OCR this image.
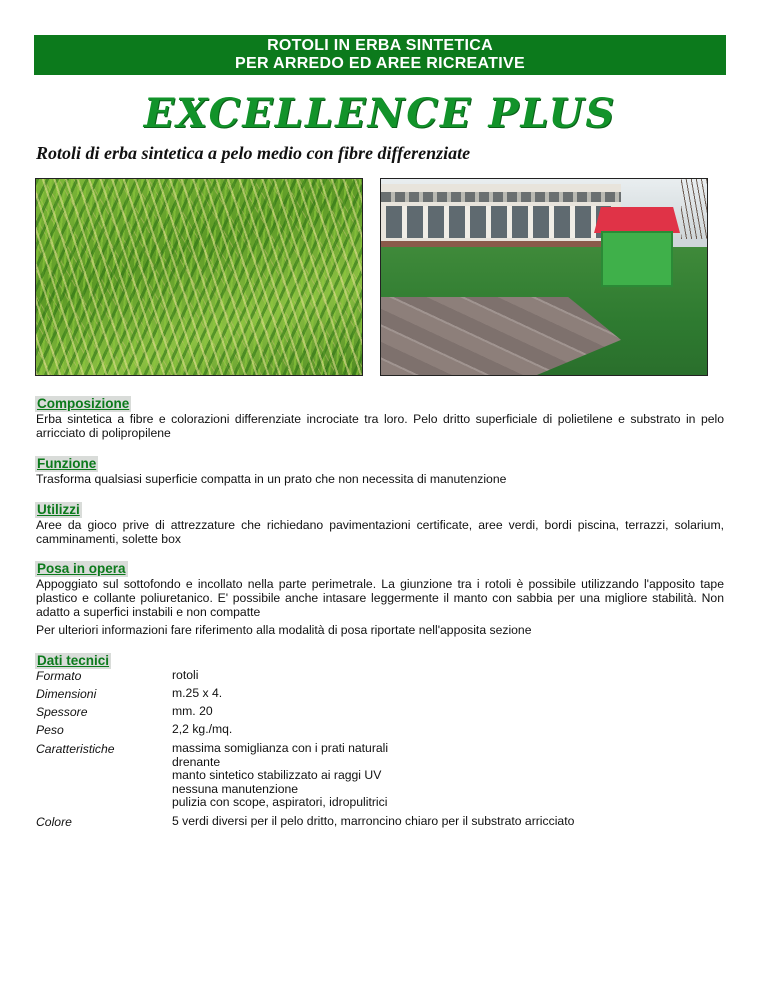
ROTOLI IN ERBA SINTETICA
PER ARREDO ED AREE RICREATIVE
EXCELLENCE PLUS
Rotoli di erba sintetica a pelo medio con fibre differenziate
Composizione
Erba sintetica a fibre e colorazioni differenziate incrociate tra loro. Pelo dritto superficiale di polietilene e substrato in pelo arricciato di polipropilene
Funzione
Trasforma qualsiasi superficie compatta in un prato che non necessita di manutenzione
Utilizzi
Aree da gioco prive di attrezzature che richiedano pavimentazioni certificate, aree verdi, bordi piscina, terrazzi, solarium, camminamenti, solette box
Posa in opera
Appoggiato sul sottofondo e incollato nella parte perimetrale. La giunzione tra i rotoli è possibile utilizzando l'apposito tape plastico e collante poliuretanico. E' possibile anche intasare leggermente il manto con sabbia per una migliore stabilità. Non adatto a superfici instabili e non compatte
Per ulteriori informazioni fare riferimento alla modalità di posa riportate nell'apposita sezione
Dati tecnici
Formato	rotoli
Dimensioni	m.25 x 4.
Spessore	mm. 20
Peso	2,2 kg./mq.
Caratteristiche	massima somiglianza con i prati naturali
drenante
manto sintetico stabilizzato ai raggi UV
nessuna manutenzione
pulizia con scope, aspiratori, idropulitrici
Colore	5 verdi diversi per il pelo dritto, marroncino chiaro per il substrato arricciato
